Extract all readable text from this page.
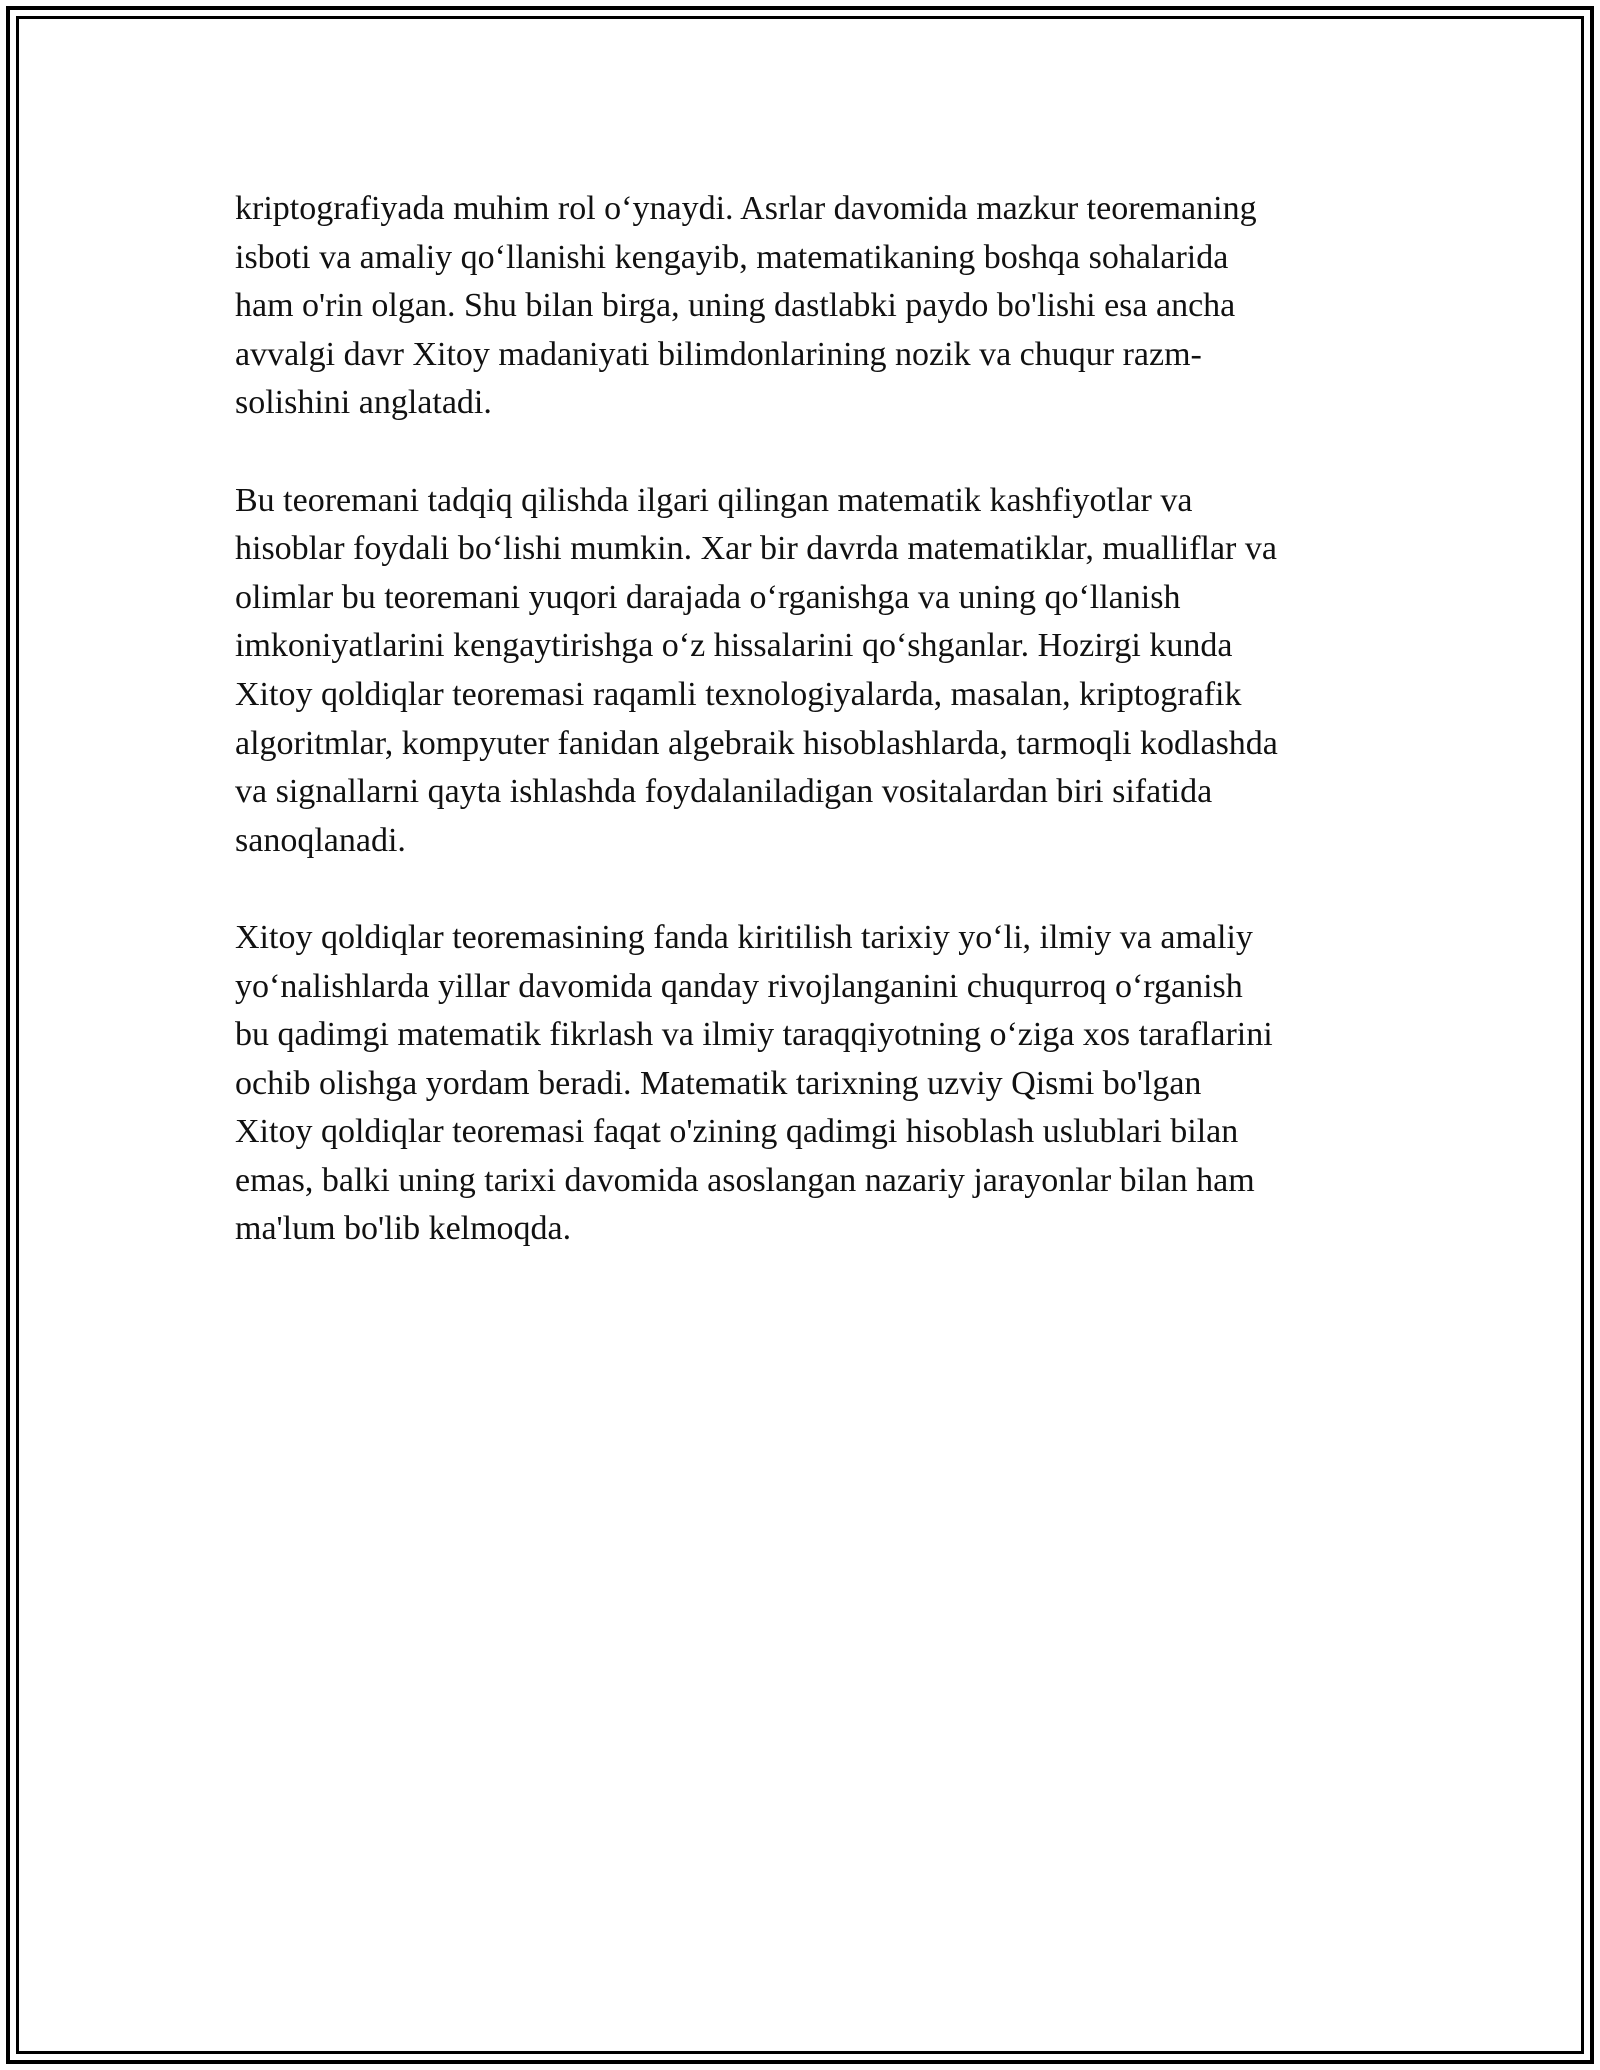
kriptografiyada muhim rol o‘ynaydi. Asrlar davomida mazkur teoremaning
isboti va amaliy qo‘llanishi kengayib, matematikaning boshqa sohalarida
ham o'rin olgan. Shu bilan birga, uning dastlabki paydo bo'lishi esa ancha
avvalgi davr Xitoy madaniyati bilimdonlarining nozik va chuqur razm-
solishini anglatadi.
Bu teoremani tadqiq qilishda ilgari qilingan matematik kashfiyotlar va
hisoblar foydali bo‘lishi mumkin. Xar bir davrda matematiklar, mualliflar va
olimlar bu teoremani yuqori darajada o‘rganishga va uning qo‘llanish
imkoniyatlarini kengaytirishga o‘z hissalarini qo‘shganlar. Hozirgi kunda
Xitoy qoldiqlar teoremasi raqamli texnologiyalarda, masalan, kriptografik
algoritmlar, kompyuter fanidan algebraik hisoblashlarda, tarmoqli kodlashda
va signallarni qayta ishlashda foydalaniladigan vositalardan biri sifatida
sanoqlanadi.
Xitoy qoldiqlar teoremasining fanda kiritilish tarixiy yo‘li, ilmiy va amaliy
yo‘nalishlarda yillar davomida qanday rivojlanganini chuqurroq o‘rganish
bu qadimgi matematik fikrlash va ilmiy taraqqiyotning o‘ziga xos taraflarini
ochib olishga yordam beradi. Matematik tarixning uzviy Qismi bo'lgan
Xitoy qoldiqlar teoremasi faqat o'zining qadimgi hisoblash uslublari bilan
emas, balki uning tarixi davomida asoslangan nazariy jarayonlar bilan ham
ma'lum bo'lib kelmoqda.
